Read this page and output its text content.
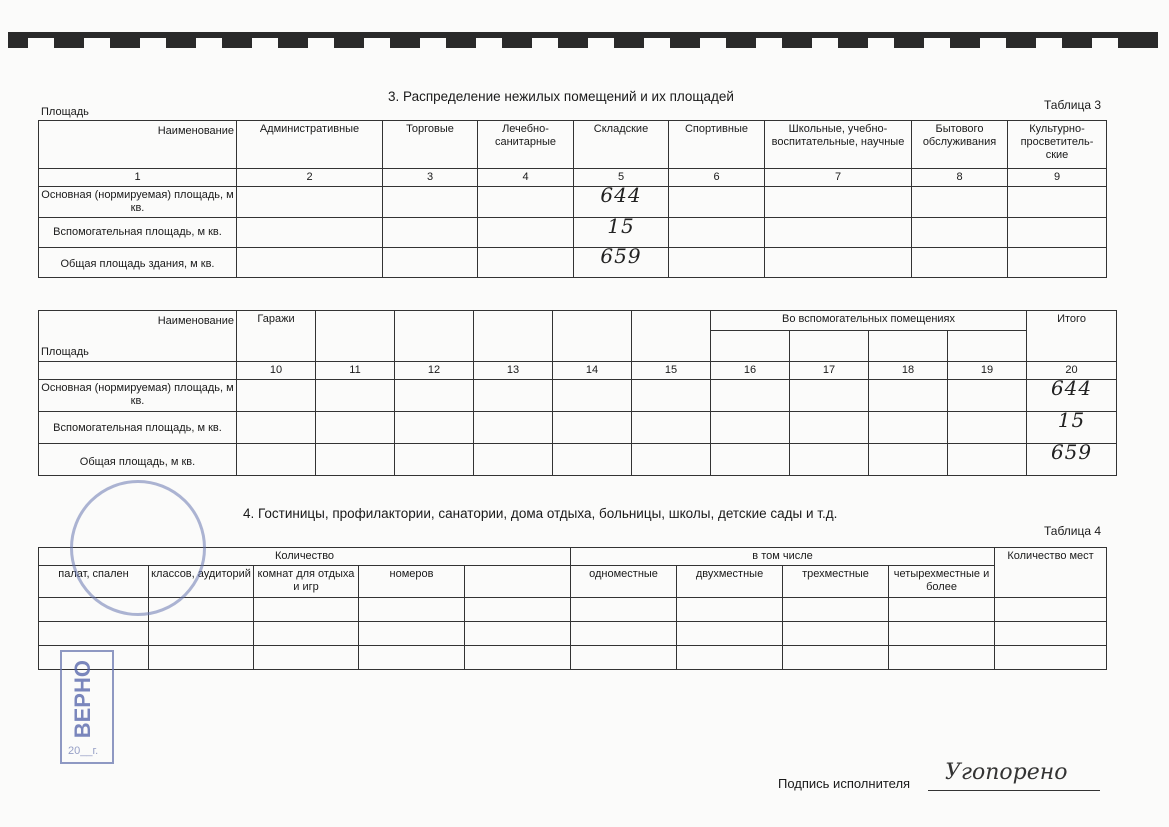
3. Распределение нежилых помещений и их площадей
Таблица 3
Наименование
Площадь	Административные	Торговые	Лечебно-санитарные	Складские	Спортивные	Школьные, учебно-воспитательные, научные	Бытового обслуживания	Культурно-просветитель-ские
1	2	3	4	5	6	7	8	9
Основная (нормируемая) площадь, м кв.				644				

Вспомогательная площадь, м кв.				15				

Общая площадь здания, м кв.				659				

Наименование
Площадь	Гаражи						Во вспомогательных помещениях				Итого

	10	11	12	13	14	15	16	17	18	19	20
Основная (нормируемая) площадь, м кв.											644

Вспомогательная площадь, м кв.											15

Общая площадь, м кв.											659
4. Гостиницы, профилактории, санатории, дома отдыха, больницы, школы, детские сады и т.д.
Таблица 4
Количество					в том числе				Количество мест
палат, спален	классов, аудиторий	комнат для отдыха и игр	номеров		одноместные	двухместные	трехместные	четырехместные и более	

ВЕРНО
20__г.
Подпись исполнителя Угопорено
